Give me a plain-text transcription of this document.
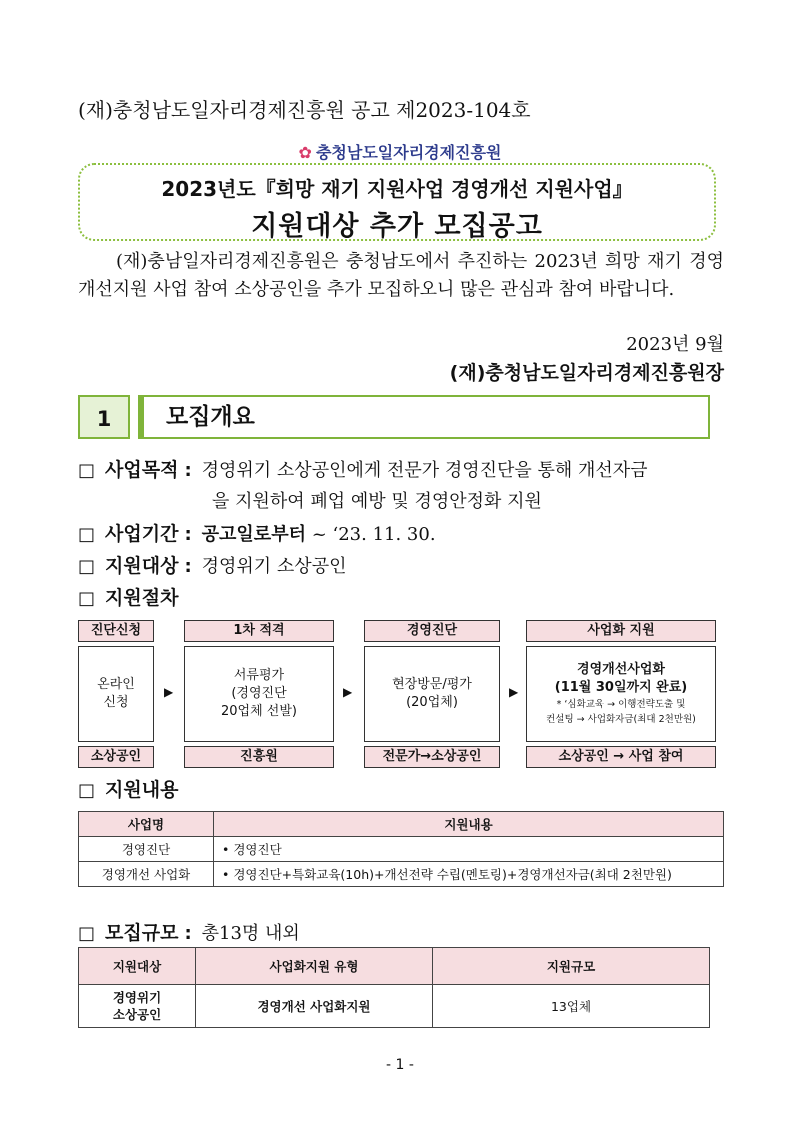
(재)충청남도일자리경제진흥원 공고 제2023-104호
✿ 충청남도일자리경제진흥원
2023년도『희망 재기 지원사업 경영개선 지원사업』
지원대상 추가 모집공고
(재)충남일자리경제진흥원은 충청남도에서 추진하는 2023년 희망 재기 경영개선지원 사업 참여 소상공인을 추가 모집하오니 많은 관심과 참여 바랍니다.
2023년 9월
(재)충청남도일자리경제진흥원장
1	모집개요
□ 사업목적 : 경영위기 소상공인에게 전문가 경영진단을 통해 개선자금
을 지원하여 폐업 예방 및 경영안정화 지원
□ 사업기간 : 공고일로부터 ~ ‘23. 11. 30.
□ 지원대상 : 경영위기 소상공인
□ 지원절차
진단신청	1차 적격	경영진단	사업화 지원
온라인
신청
▶
서류평가
(경영진단
20업체 선발)
▶	현장방문/평가
(20업체)
▶
경영개선사업화
(11월 30일까지 완료)
* ‘심화교육 → 이행전략도출 및
컨설팅 → 사업화자금(최대 2천만원)
소상공인	진흥원	전문가→소상공인	소상공인 → 사업 참여
□ 지원내용
사업명	지원내용
경영진단	• 경영진단
경영개선 사업화	• 경영진단+특화교육(10h)+개선전략 수립(멘토링)+경영개선자금(최대 2천만원)
□ 모집규모 : 총13명 내외
지원대상	사업화지원 유형	지원규모

경영위기
소상공인	경영개선 사업화지원	13업체
- 1 -
